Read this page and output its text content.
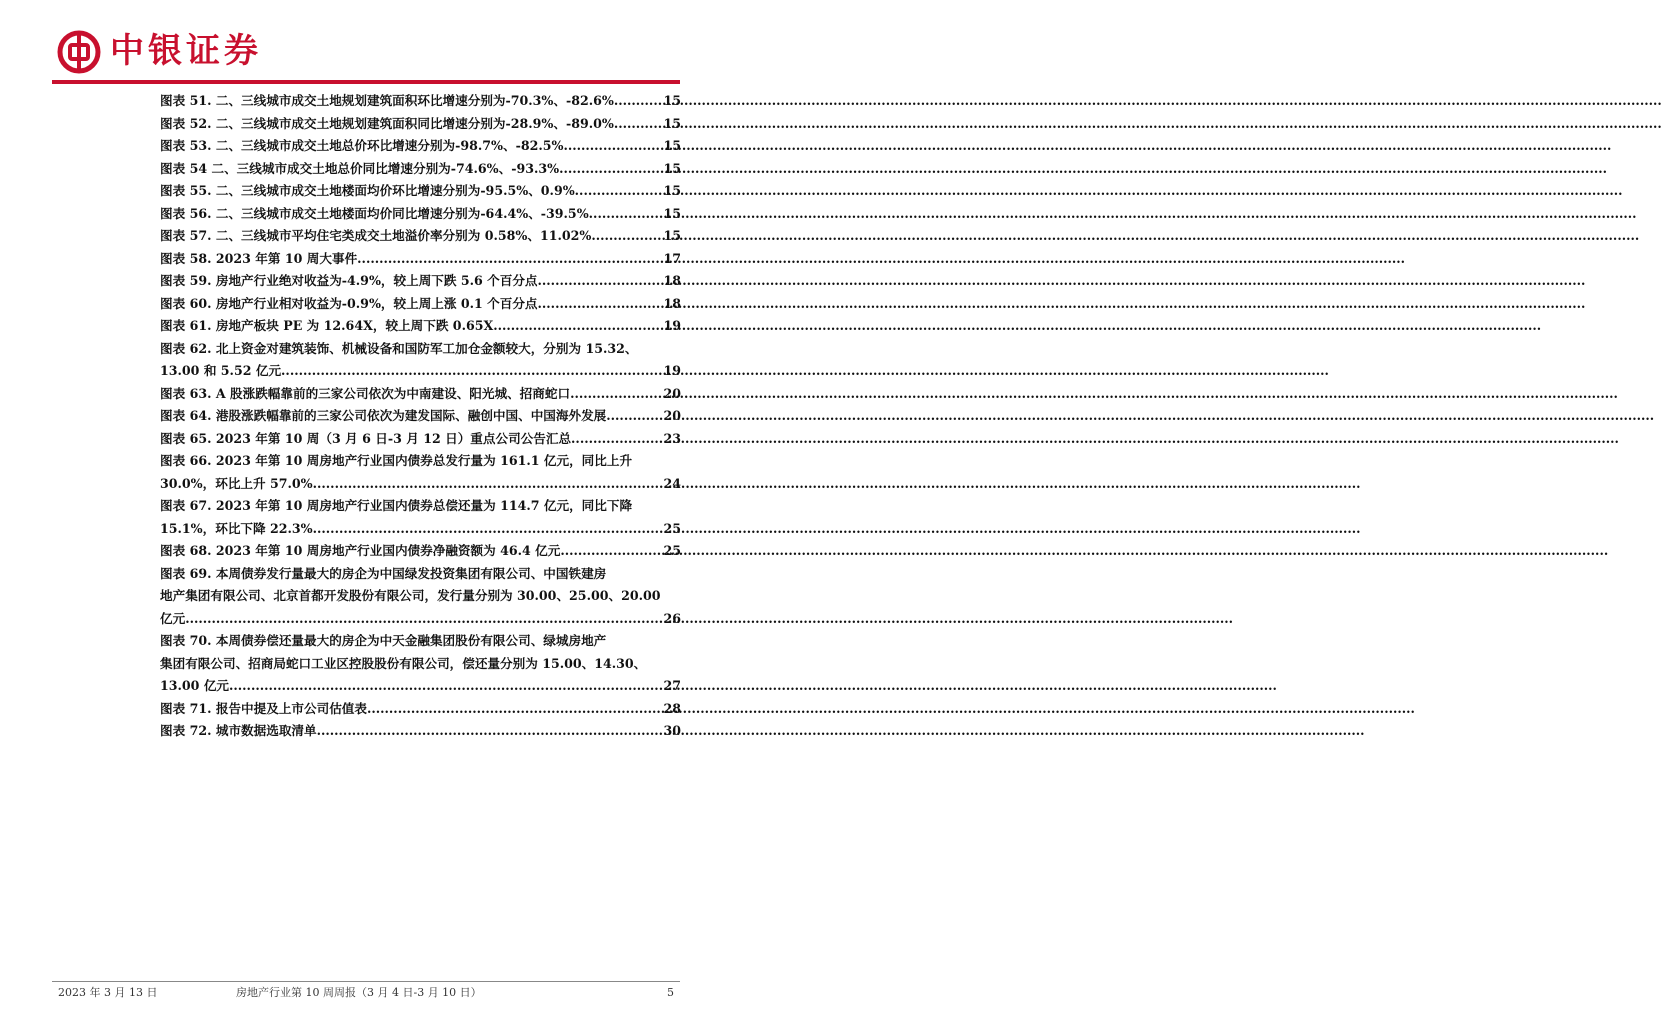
中银证券
图表 51. 二、三线城市成交土地规划建筑面积环比增速分别为-70.3%、-82.6% .....	15
图表 52. 二、三线城市成交土地规划建筑面积同比增速分别为-28.9%、-89.0% .....	15
图表 53. 二、三线城市成交土地总价环比增速分别为-98.7%、-82.5% .....	15
图表 54 二、三线城市成交土地总价同比增速分别为-74.6%、-93.3% .....	15
图表 55. 二、三线城市成交土地楼面均价环比增速分别为-95.5%、0.9% .....	15
图表 56. 二、三线城市成交土地楼面均价同比增速分别为-64.4%、-39.5% .....	15
图表 57. 二、三线城市平均住宅类成交土地溢价率分别为 0.58%、11.02% .....	15
图表 58. 2023 年第 10 周大事件 .....	17
图表 59. 房地产行业绝对收益为-4.9%，较上周下跌 5.6 个百分点 .....	18
图表 60. 房地产行业相对收益为-0.9%，较上周上涨 0.1 个百分点 .....	18
图表 61. 房地产板块 PE 为 12.64X，较上周下跌 0.65X .....	19
图表 62. 北上资金对建筑装饰、机械设备和国防军工加仓金额较大，分别为 15.32、
13.00 和 5.52 亿元 .....	19
图表 63. A 股涨跌幅靠前的三家公司依次为中南建设、阳光城、招商蛇口 .....	20
图表 64. 港股涨跌幅靠前的三家公司依次为建发国际、融创中国、中国海外发展 .....	20
图表 65. 2023 年第 10 周（3 月 6 日-3 月 12 日）重点公司公告汇总 .....	23
图表 66. 2023 年第 10 周房地产行业国内债券总发行量为 161.1 亿元，同比上升
30.0%，环比上升 57.0% .....	24
图表 67. 2023 年第 10 周房地产行业国内债券总偿还量为 114.7 亿元，同比下降
15.1%，环比下降 22.3% .....	25
图表 68. 2023 年第 10 周房地产行业国内债券净融资额为 46.4 亿元 .....	25
图表 69. 本周债券发行量最大的房企为中国绿发投资集团有限公司、中国铁建房
地产集团有限公司、北京首都开发股份有限公司，发行量分别为 30.00、25.00、20.00
亿元 .....	26
图表 70. 本周债券偿还量最大的房企为中天金融集团股份有限公司、绿城房地产
集团有限公司、招商局蛇口工业区控股股份有限公司，偿还量分别为 15.00、14.30、
13.00 亿元 .....	27
图表 71. 报告中提及上市公司估值表 .....	28
图表 72. 城市数据选取清单 .....	30
2023 年 3 月 13 日	房地产行业第 10 周周报（3 月 4 日-3 月 10 日）	5
